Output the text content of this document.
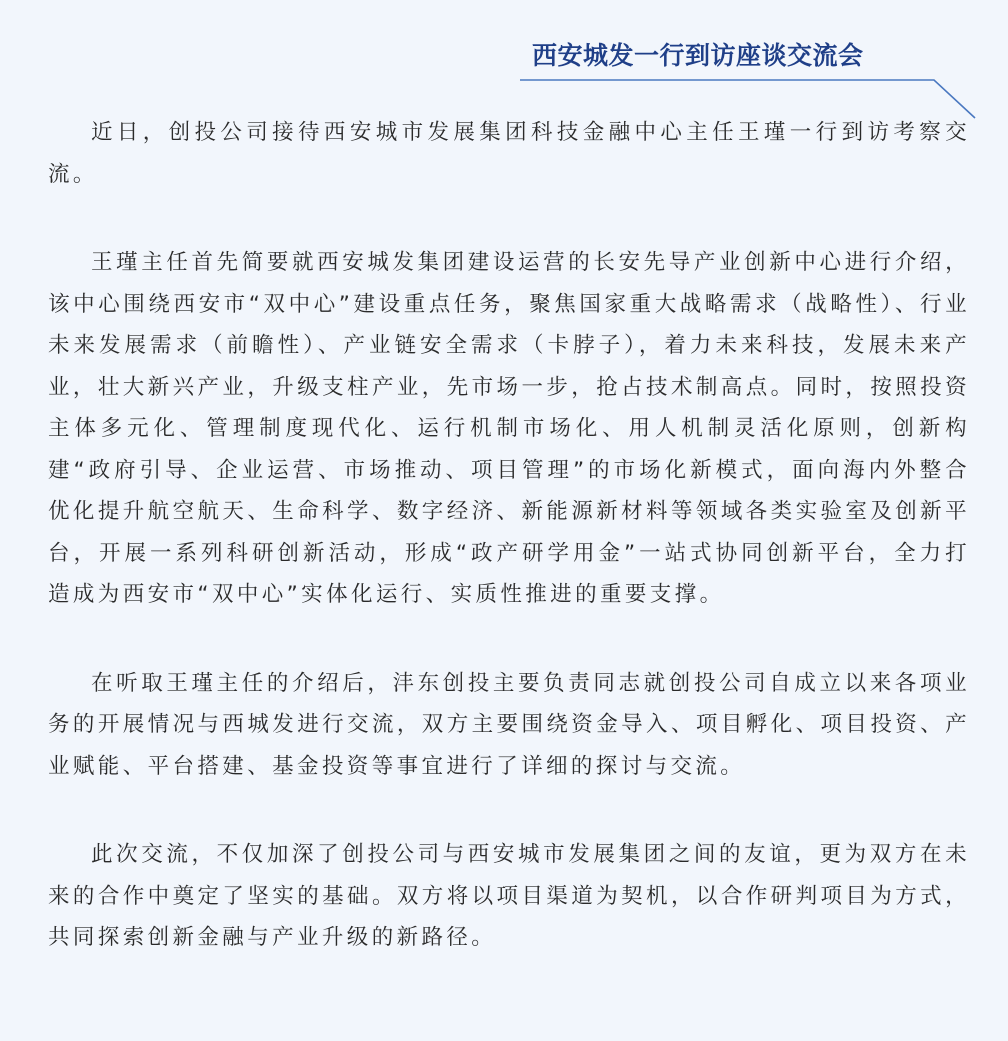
西安城发一行到访座谈交流会

近日，创投公司接待西安城市发展集团科技金融中心主任王瑾一行到访考察交流。

王瑾主任首先简要就西安城发集团建设运营的长安先导产业创新中心进行介绍，该中心围绕西安市“双中心”建设重点任务，聚焦国家重大战略需求（战略性）、行业未来发展需求（前瞻性）、产业链安全需求（卡脖子），着力未来科技，发展未来产业，壮大新兴产业，升级支柱产业，先市场一步，抢占技术制高点。同时，按照投资主体多元化、管理制度现代化、运行机制市场化、用人机制灵活化原则，创新构建“政府引导、企业运营、市场推动、项目管理”的市场化新模式，面向海内外整合优化提升航空航天、生命科学、数字经济、新能源新材料等领域各类实验室及创新平台，开展一系列科研创新活动，形成“政产研学用金”一站式协同创新平台，全力打造成为西安市“双中心”实体化运行、实质性推进的重要支撑。

在听取王瑾主任的介绍后，沣东创投主要负责同志就创投公司自成立以来各项业务的开展情况与西城发进行交流，双方主要围绕资金导入、项目孵化、项目投资、产业赋能、平台搭建、基金投资等事宜进行了详细的探讨与交流。

此次交流，不仅加深了创投公司与西安城市发展集团之间的友谊，更为双方在未来的合作中奠定了坚实的基础。双方将以项目渠道为契机，以合作研判项目为方式，共同探索创新金融与产业升级的新路径。
